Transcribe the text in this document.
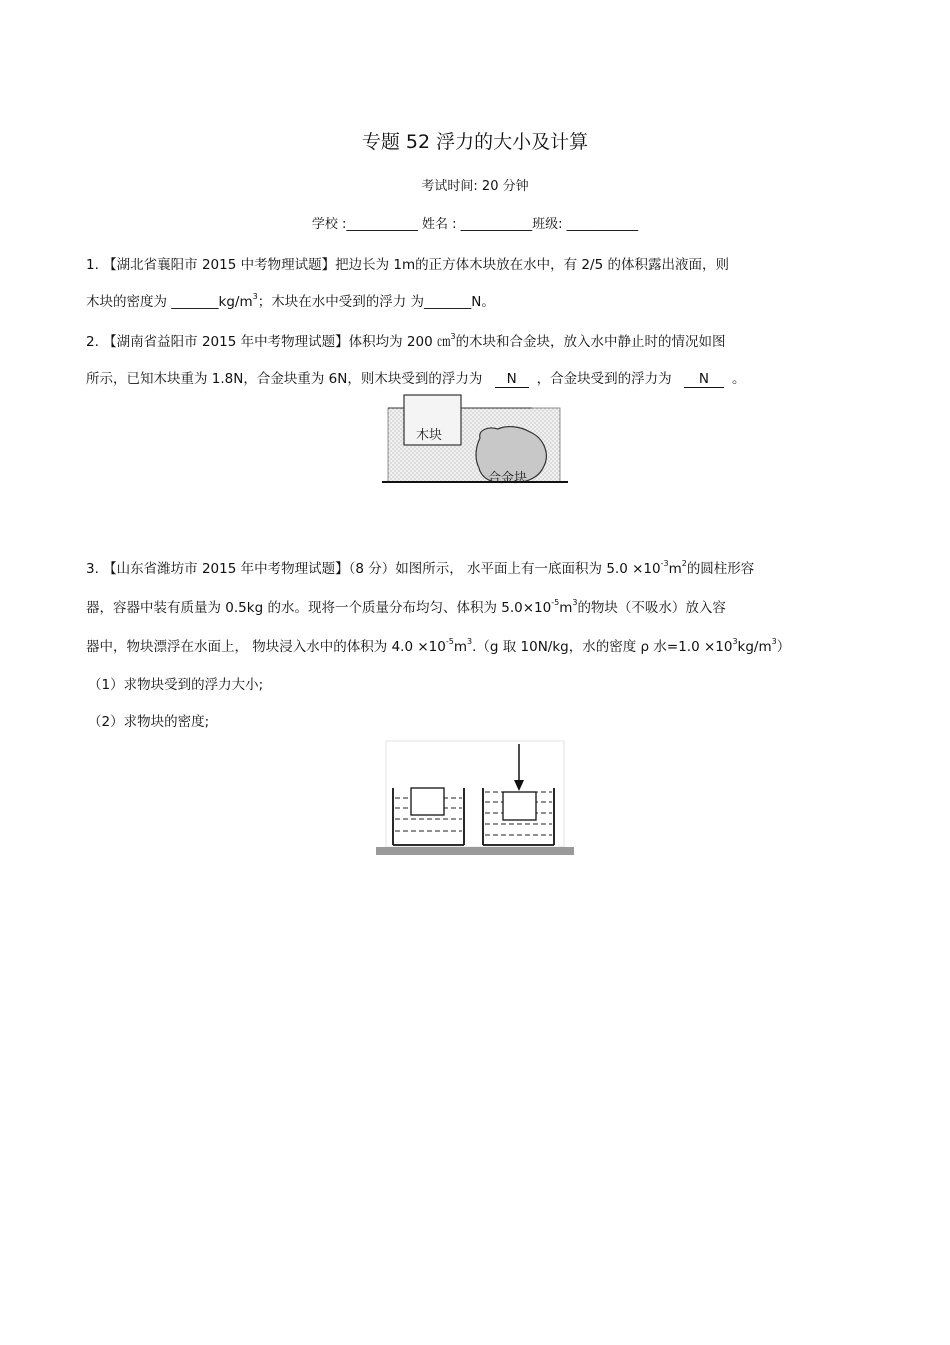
专题 52 浮力的大小及计算
考试时间: 20 分钟
学校 :___________ 姓名 : ___________班级: ___________
1. 【湖北省襄阳市 2015 中考物理试题】把边长为 1m的正方体木块放在水中，有 2/5 的体积露出液面，则
木块的密度为 $\_\_\_\_\_\_\_kg/m^3$；木块在水中受到的浮力 为_______N。
2. 【湖南省益阳市 2015 年中考物理试题】体积均为 200 ㎝$^3$的木块和合金块，放入水中静止时的情况如图
所示，已知木块重为 1.8N，合金块重为 6N，则木块受到的浮力为 N ，合金块受到的浮力为 N 。
木块
合金块
3. 【山东省潍坊市 2015 年中考物理试题】（8 分）如图所示， 水平面上有一底面积为 $5.0 \times 10^{-3}m^2$的圆柱形容
器，容器中装有质量为 0.5kg 的水。现将一个质量分布均匀、体积为 $5.0\times 10^{-5}m^3$的物块（不吸水）放入容
器中，物块漂浮在水面上， 物块浸入水中的体积为 $4.0 \times 10^{-5}m^3.(g$ 取 10N/kg，水的密度 ρ 水$=1.0 \times 10^3kg/m^3$）
（1）求物块受到的浮力大小;
（2）求物块的密度;
